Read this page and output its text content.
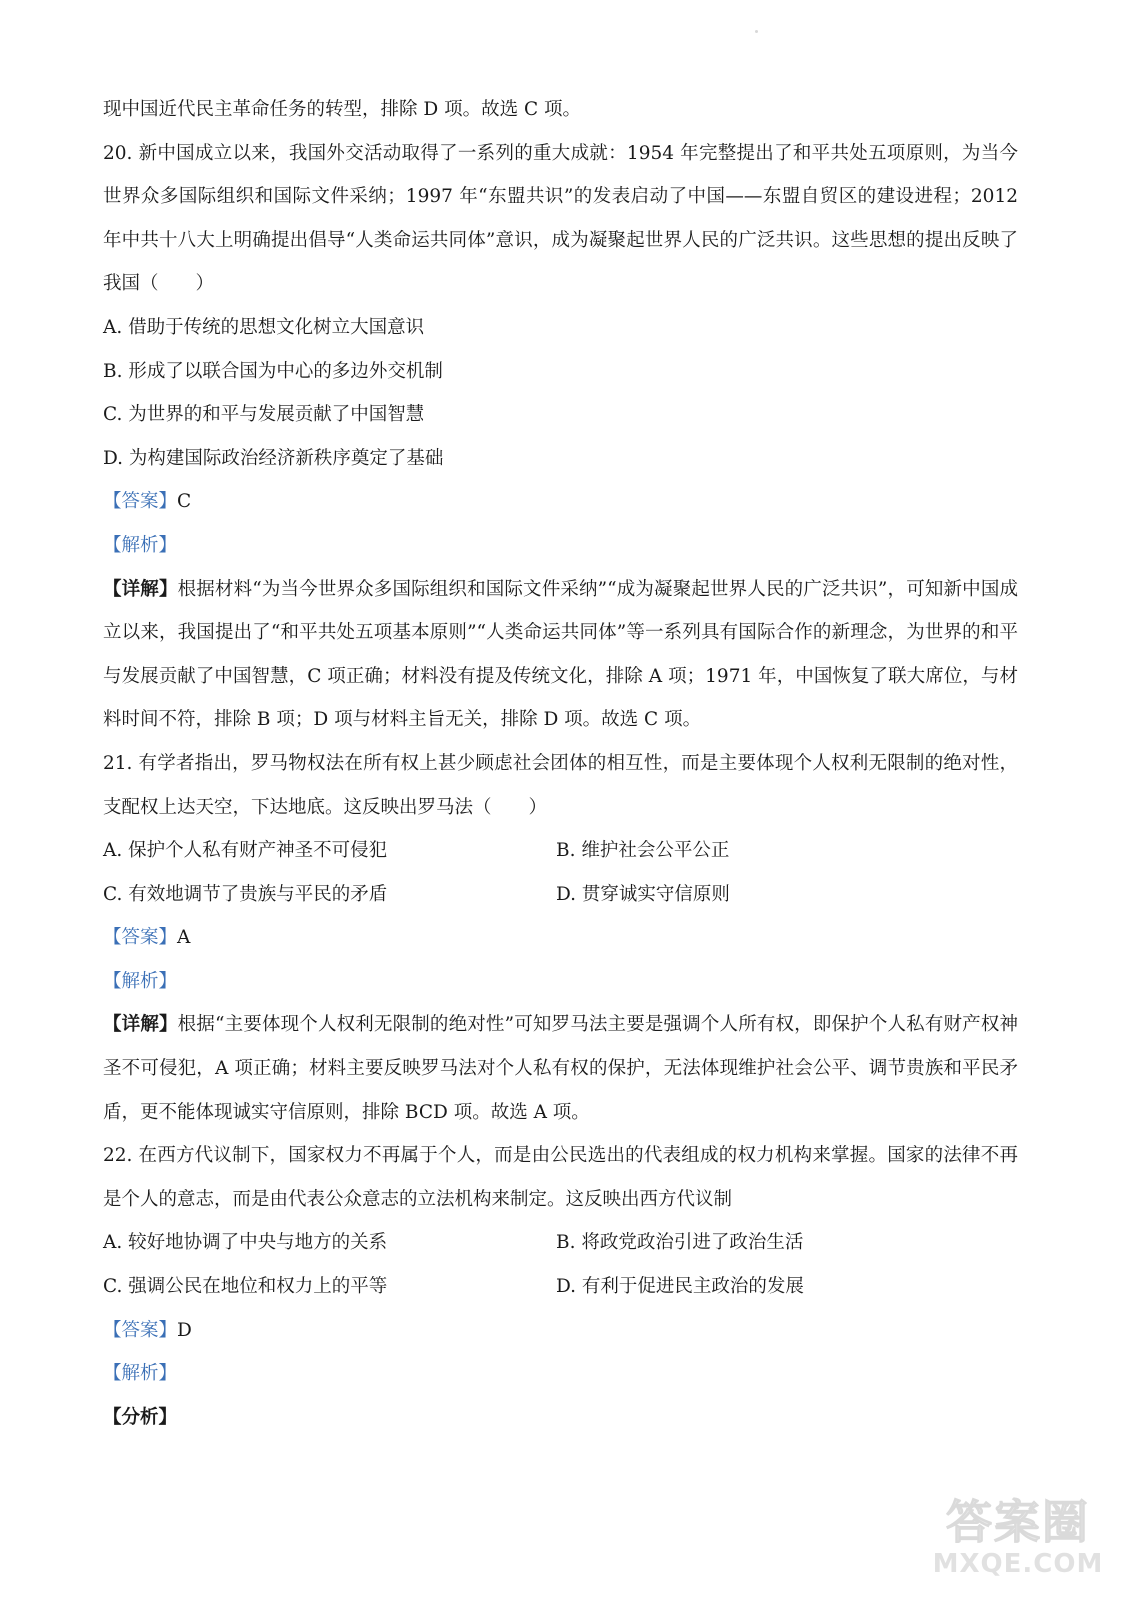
现中国近代民主革命任务的转型，排除 D 项。故选 C 项。
20. 新中国成立以来，我国外交活动取得了一系列的重大成就：1954 年完整提出了和平共处五项原则，为当今世界众多国际组织和国际文件采纳；1997 年“东盟共识”的发表启动了中国——东盟自贸区的建设进程；2012 年中共十八大上明确提出倡导“人类命运共同体”意识，成为凝聚起世界人民的广泛共识。这些思想的提出反映了我国（　　）
A. 借助于传统的思想文化树立大国意识
B. 形成了以联合国为中心的多边外交机制
C. 为世界的和平与发展贡献了中国智慧
D. 为构建国际政治经济新秩序奠定了基础
【答案】C
【解析】
【详解】根据材料“为当今世界众多国际组织和国际文件采纳”“成为凝聚起世界人民的广泛共识”，可知新中国成立以来，我国提出了“和平共处五项基本原则”“人类命运共同体”等一系列具有国际合作的新理念，为世界的和平与发展贡献了中国智慧，C 项正确；材料没有提及传统文化，排除 A 项；1971 年，中国恢复了联大席位，与材料时间不符，排除 B 项；D 项与材料主旨无关，排除 D 项。故选 C 项。
21. 有学者指出，罗马物权法在所有权上甚少顾虑社会团体的相互性，而是主要体现个人权利无限制的绝对性，支配权上达天空，下达地底。这反映出罗马法（　　）
A. 保护个人私有财产神圣不可侵犯	B. 维护社会公平公正
C. 有效地调节了贵族与平民的矛盾	D. 贯穿诚实守信原则
【答案】A
【解析】
【详解】根据“主要体现个人权利无限制的绝对性”可知罗马法主要是强调个人所有权，即保护个人私有财产权神圣不可侵犯，A 项正确；材料主要反映罗马法对个人私有权的保护，无法体现维护社会公平、调节贵族和平民矛盾，更不能体现诚实守信原则，排除 BCD 项。故选 A 项。
22. 在西方代议制下，国家权力不再属于个人，而是由公民选出的代表组成的权力机构来掌握。国家的法律不再是个人的意志，而是由代表公众意志的立法机构来制定。这反映出西方代议制
A. 较好地协调了中央与地方的关系	B. 将政党政治引进了政治生活
C. 强调公民在地位和权力上的平等	D. 有利于促进民主政治的发展
【答案】D
【解析】
【分析】
答案圈
MXQE.COM
